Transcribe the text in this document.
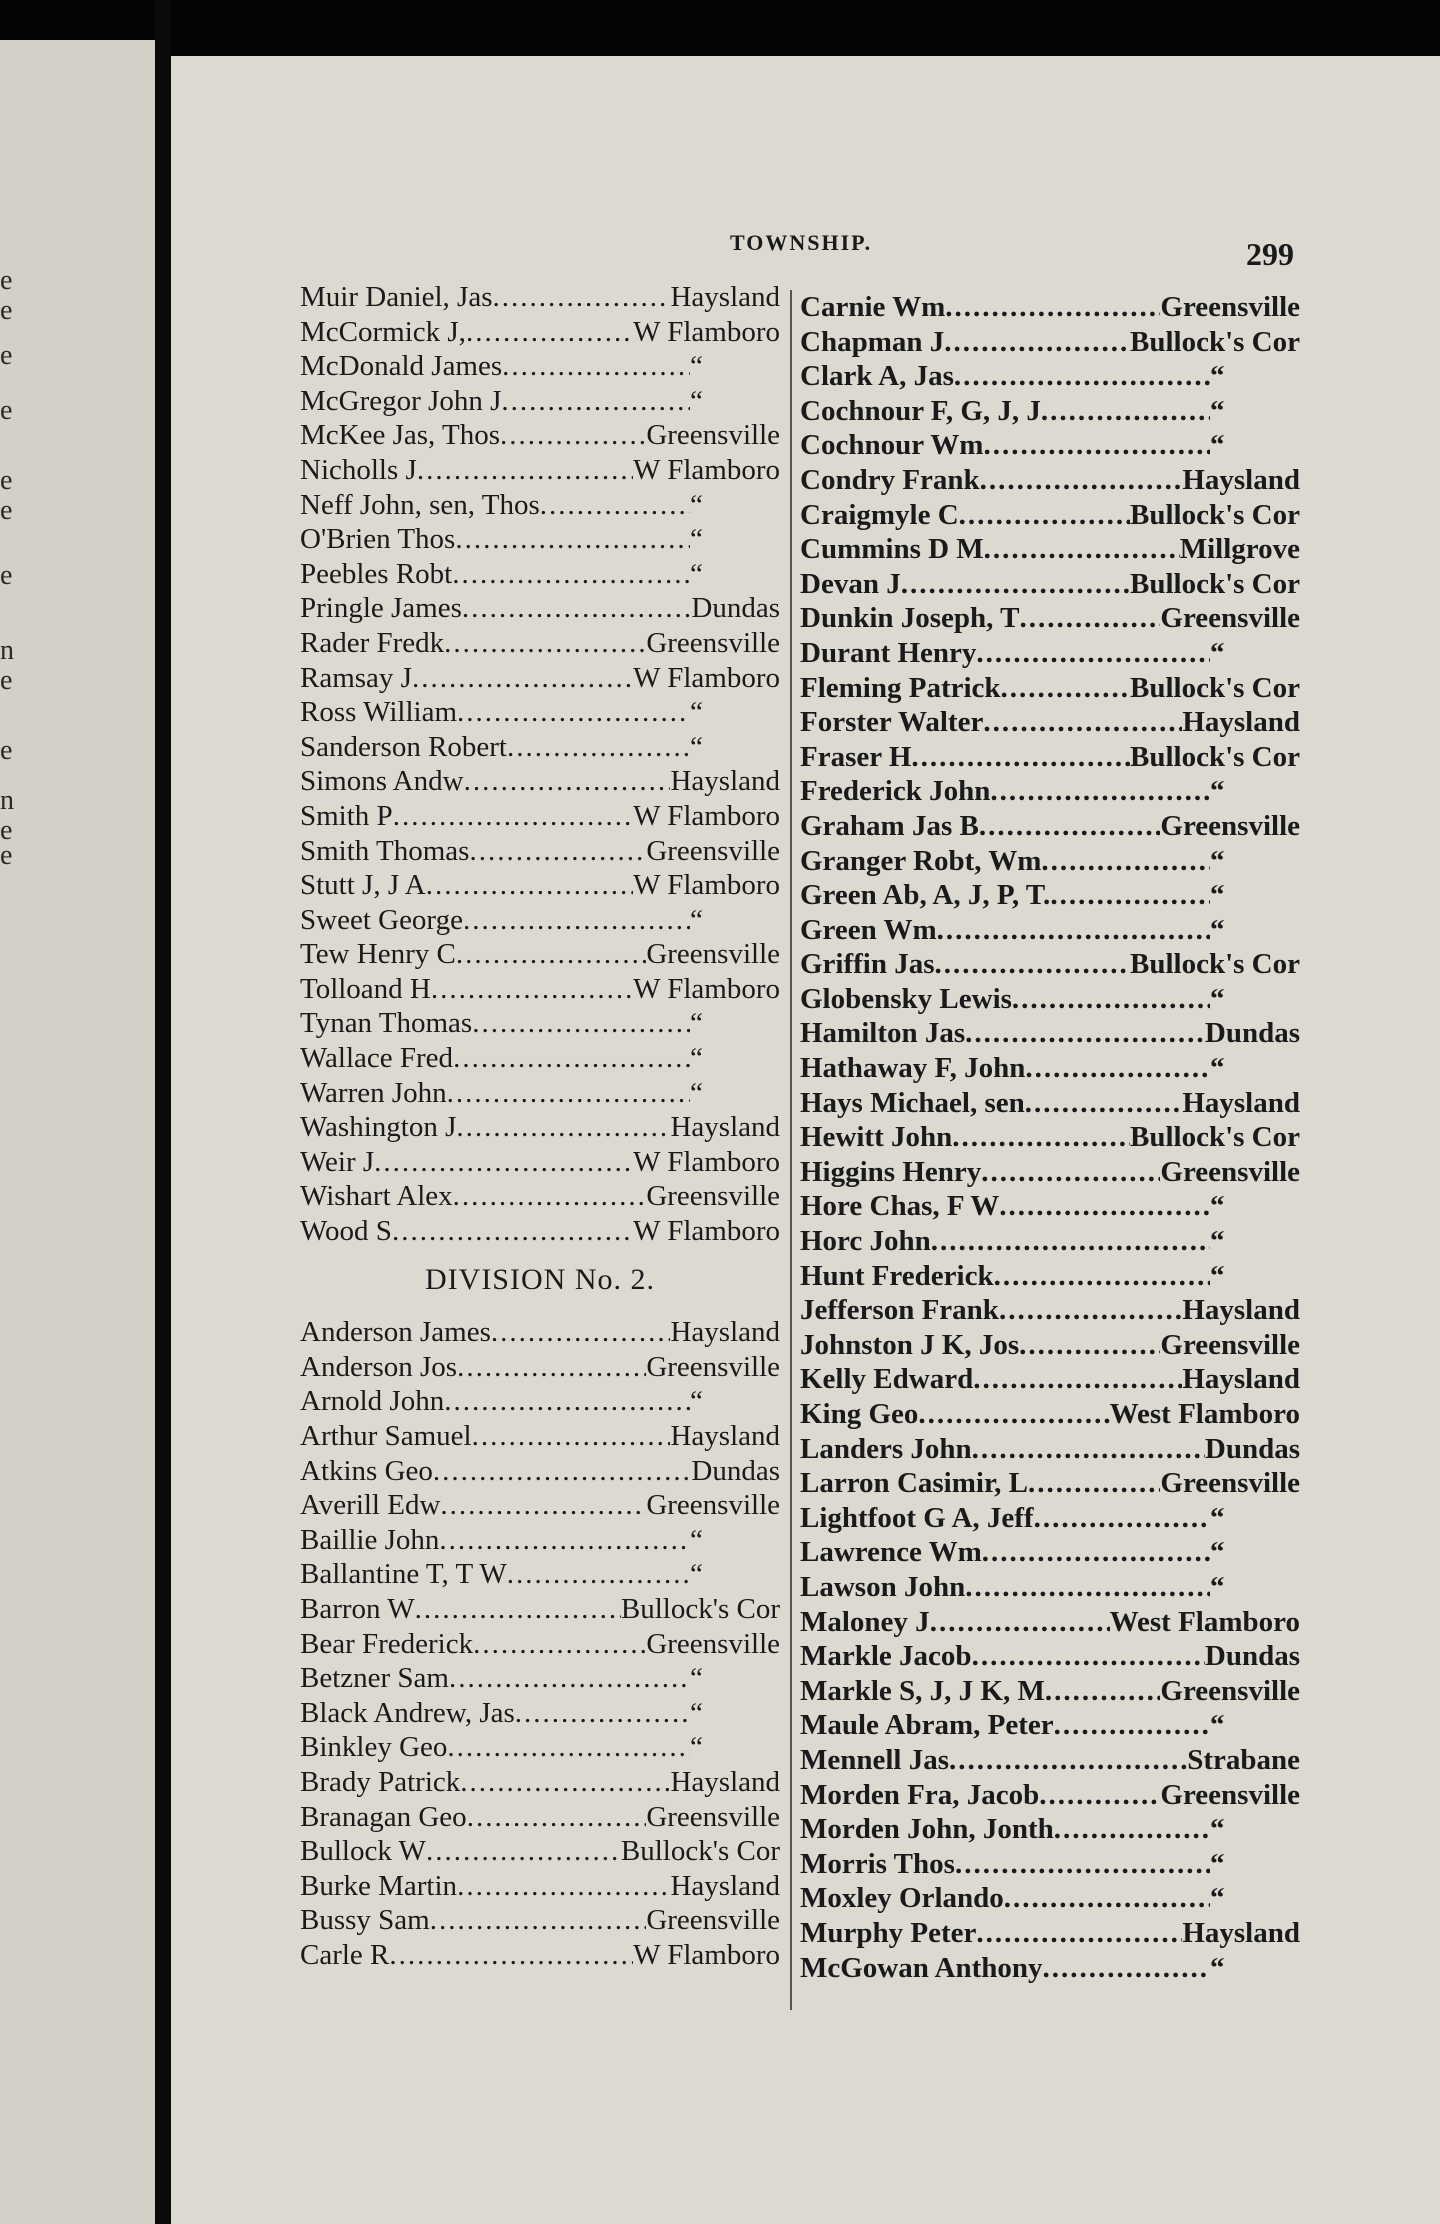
e
e
e
e
e
e
e
n
e
e
n
e
e
TOWNSHIP.	299
Muir Daniel, Jas .....	Haysland
McCormick J, .....	W Flamboro
McDonald James .....	“
McGregor John J .....	“
McKee Jas, Thos .....	Greensville
Nicholls J .....	W Flamboro
Neff John, sen, Thos .....	“
O'Brien Thos .....	“
Peebles Robt .....	“
Pringle James .....	Dundas
Rader Fredk .....	Greensville
Ramsay J .....	W Flamboro
Ross William .....	“
Sanderson Robert .....	“
Simons Andw .....	Haysland
Smith P .....	W Flamboro
Smith Thomas .....	Greensville
Stutt J, J A .....	W Flamboro
Sweet George .....	“
Tew Henry C .....	Greensville
Tolloand H .....	W Flamboro
Tynan Thomas .....	“
Wallace Fred .....	“
Warren John .....	“
Washington J .....	Haysland
Weir J .....	W Flamboro
Wishart Alex .....	Greensville
Wood S .....	W Flamboro
DIVISION No. 2.
Anderson James .....	Haysland
Anderson Jos .....	Greensville
Arnold John .....	“
Arthur Samuel .....	Haysland
Atkins Geo .....	Dundas
Averill Edw .....	Greensville
Baillie John .....	“
Ballantine T, T W .....	“
Barron W .....	Bullock's Cor
Bear Frederick .....	Greensville
Betzner Sam .....	“
Black Andrew, Jas .....	“
Binkley Geo .....	“
Brady Patrick .....	Haysland
Branagan Geo .....	Greensville
Bullock W .....	Bullock's Cor
Burke Martin .....	Haysland
Bussy Sam .....	Greensville
Carle R .....	W Flamboro
Carnie Wm .....	Greensville
Chapman J .....	Bullock's Cor
Clark A, Jas .....	“
Cochnour F, G, J, J .....	“
Cochnour Wm .....	“
Condry Frank .....	Haysland
Craigmyle C .....	Bullock's Cor
Cummins D M .....	Millgrove
Devan J .....	Bullock's Cor
Dunkin Joseph, T .....	Greensville
Durant Henry .....	“
Fleming Patrick .....	Bullock's Cor
Forster Walter .....	Haysland
Fraser H .....	Bullock's Cor
Frederick John .....	“
Graham Jas B .....	Greensville
Granger Robt, Wm .....	“
Green Ab, A, J, P, T. .....	“
Green Wm .....	“
Griffin Jas .....	Bullock's Cor
Globensky Lewis .....	“
Hamilton Jas .....	Dundas
Hathaway F, John .....	“
Hays Michael, sen .....	Haysland
Hewitt John .....	Bullock's Cor
Higgins Henry .....	Greensville
Hore Chas, F W .....	“
Horc John .....	“
Hunt Frederick .....	“
Jefferson Frank .....	Haysland
Johnston J K, Jos .....	Greensville
Kelly Edward .....	Haysland
King Geo .....	West Flamboro
Landers John .....	Dundas
Larron Casimir, L .....	Greensville
Lightfoot G A, Jeff .....	“
Lawrence Wm .....	“
Lawson John .....	“
Maloney J .....	West Flamboro
Markle Jacob .....	Dundas
Markle S, J, J K, M .....	Greensville
Maule Abram, Peter .....	“
Mennell Jas .....	Strabane
Morden Fra, Jacob .....	Greensville
Morden John, Jonth .....	“
Morris Thos .....	“
Moxley Orlando .....	“
Murphy Peter .....	Haysland
McGowan Anthony .....	“
